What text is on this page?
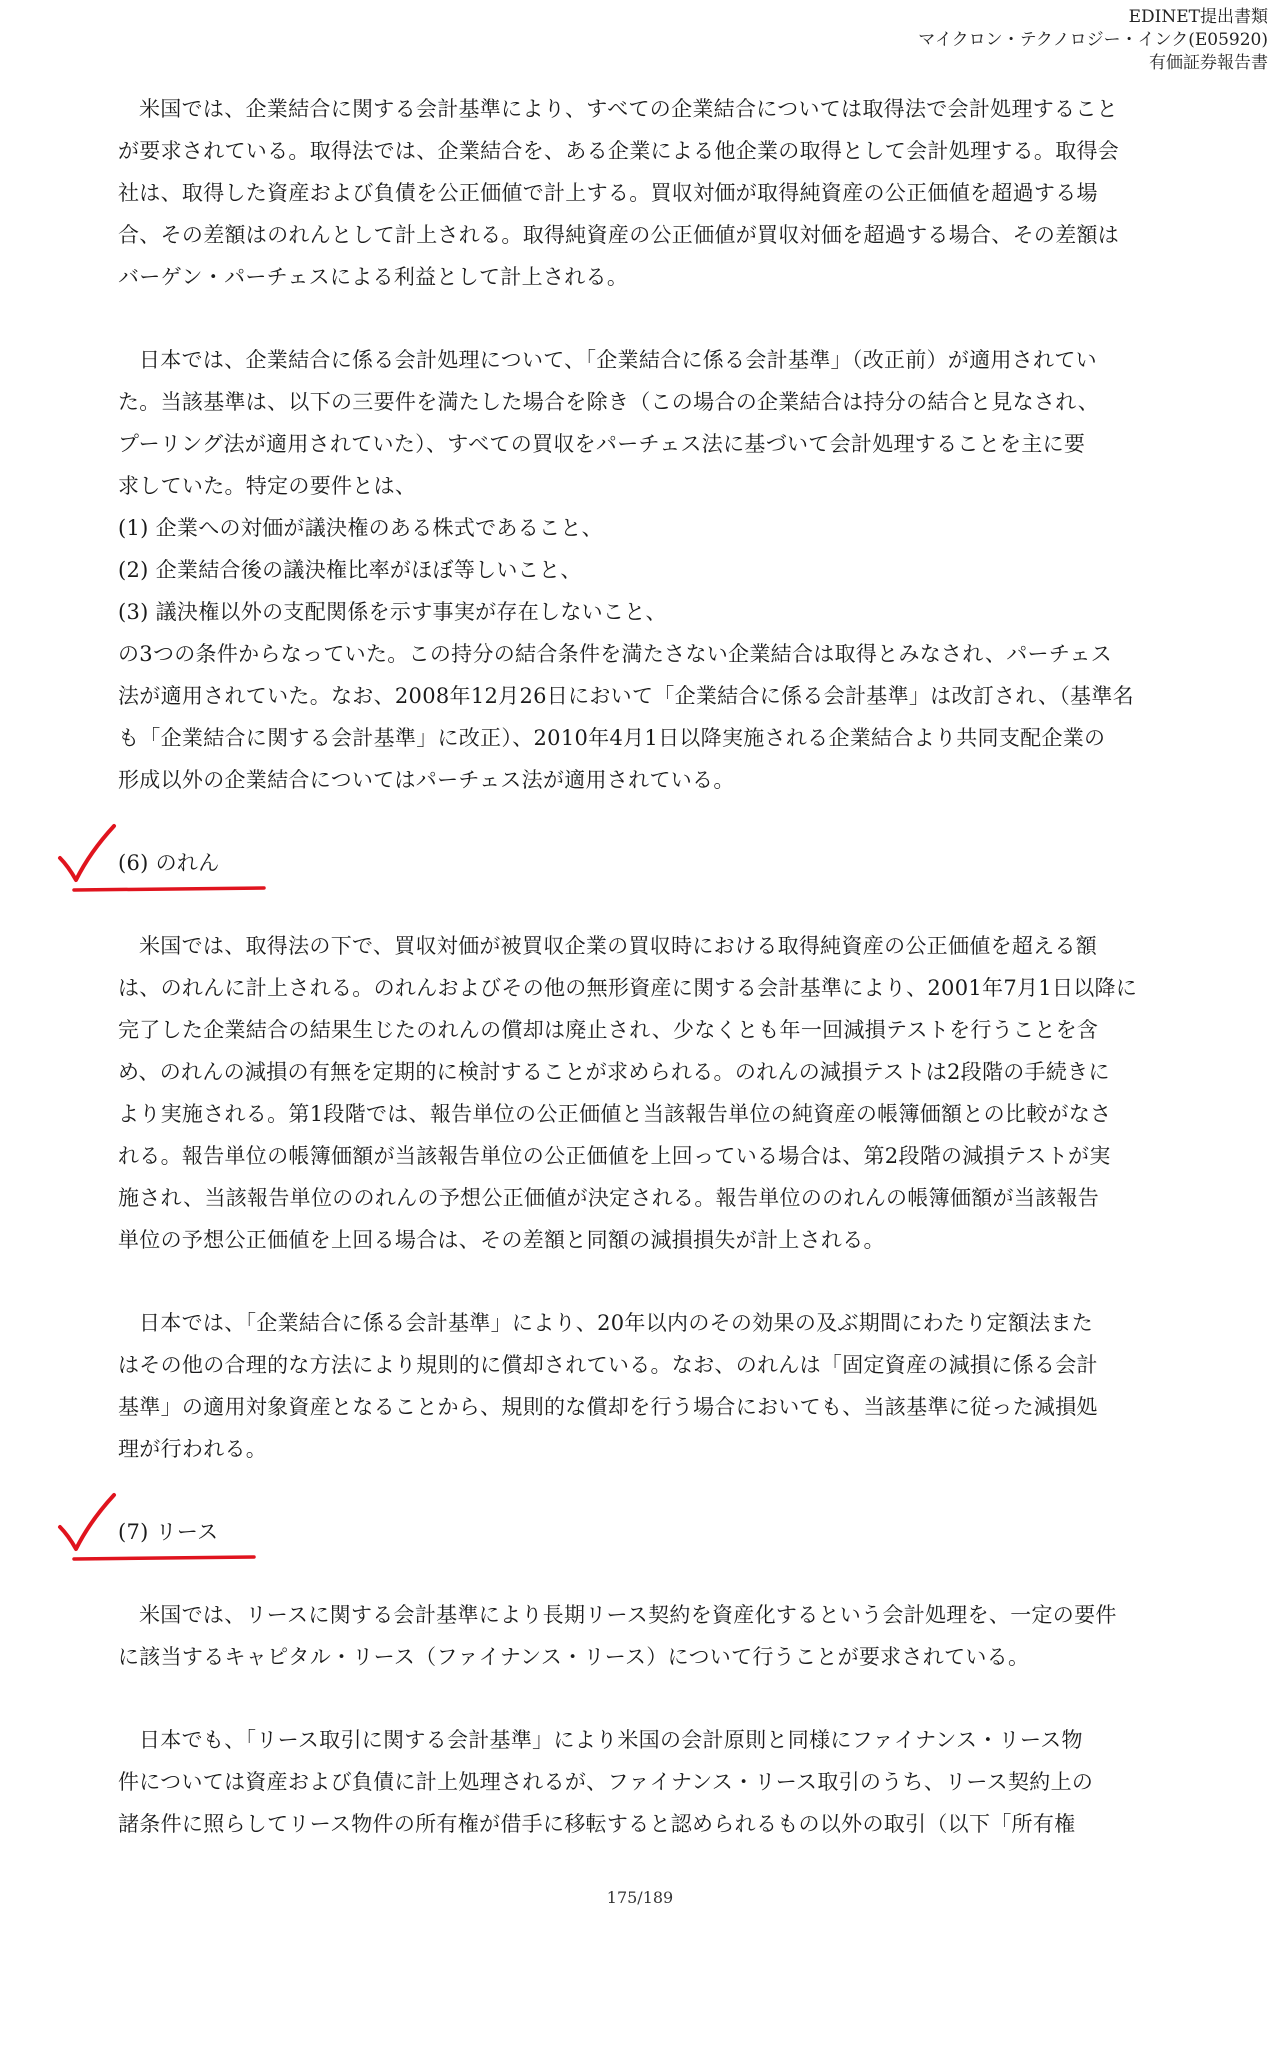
EDINET提出書類
マイクロン・テクノロジー・インク(E05920)
有価証券報告書

米国では、企業結合に関する会計基準により、すべての企業結合については取得法で会計処理すること
が要求されている。取得法では、企業結合を、ある企業による他企業の取得として会計処理する。取得会
社は、取得した資産および負債を公正価値で計上する。買収対価が取得純資産の公正価値を超過する場
合、その差額はのれんとして計上される。取得純資産の公正価値が買収対価を超過する場合、その差額は
バーゲン・パーチェスによる利益として計上される。

日本では、企業結合に係る会計処理について、「企業結合に係る会計基準」（改正前）が適用されてい
た。当該基準は、以下の三要件を満たした場合を除き（この場合の企業結合は持分の結合と見なされ、
プーリング法が適用されていた）、すべての買収をパーチェス法に基づいて会計処理することを主に要
求していた。特定の要件とは、
(1) 企業への対価が議決権のある株式であること、
(2) 企業結合後の議決権比率がほぼ等しいこと、
(3) 議決権以外の支配関係を示す事実が存在しないこと、
の3つの条件からなっていた。この持分の結合条件を満たさない企業結合は取得とみなされ、パーチェス
法が適用されていた。なお、2008年12月26日において「企業結合に係る会計基準」は改訂され、（基準名
も「企業結合に関する会計基準」に改正）、2010年4月1日以降実施される企業結合より共同支配企業の
形成以外の企業結合についてはパーチェス法が適用されている。

(6) のれん

米国では、取得法の下で、買収対価が被買収企業の買収時における取得純資産の公正価値を超える額
は、のれんに計上される。のれんおよびその他の無形資産に関する会計基準により、2001年7月1日以降に
完了した企業結合の結果生じたのれんの償却は廃止され、少なくとも年一回減損テストを行うことを含
め、のれんの減損の有無を定期的に検討することが求められる。のれんの減損テストは2段階の手続きに
より実施される。第1段階では、報告単位の公正価値と当該報告単位の純資産の帳簿価額との比較がなさ
れる。報告単位の帳簿価額が当該報告単位の公正価値を上回っている場合は、第2段階の減損テストが実
施され、当該報告単位ののれんの予想公正価値が決定される。報告単位ののれんの帳簿価額が当該報告
単位の予想公正価値を上回る場合は、その差額と同額の減損損失が計上される。

日本では、「企業結合に係る会計基準」により、20年以内のその効果の及ぶ期間にわたり定額法また
はその他の合理的な方法により規則的に償却されている。なお、のれんは「固定資産の減損に係る会計
基準」の適用対象資産となることから、規則的な償却を行う場合においても、当該基準に従った減損処
理が行われる。

(7) リース

米国では、リースに関する会計基準により長期リース契約を資産化するという会計処理を、一定の要件
に該当するキャピタル・リース（ファイナンス・リース）について行うことが要求されている。

日本でも、「リース取引に関する会計基準」により米国の会計原則と同様にファイナンス・リース物
件については資産および負債に計上処理されるが、ファイナンス・リース取引のうち、リース契約上の
諸条件に照らしてリース物件の所有権が借手に移転すると認められるもの以外の取引（以下「所有権

175/189
